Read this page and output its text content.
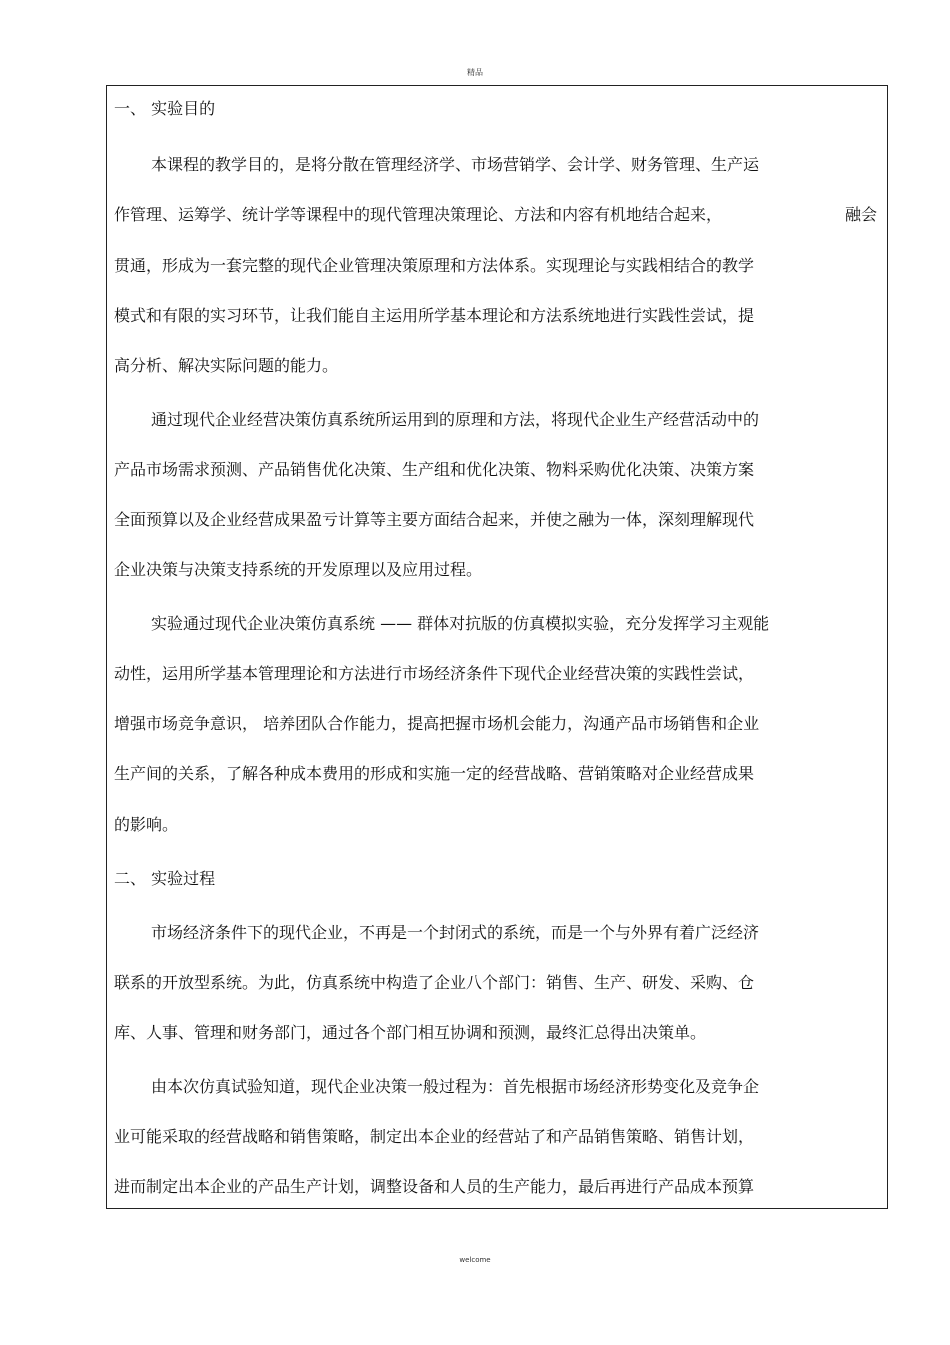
精品
一、 实验目的
本课程的教学目的，是将分散在管理经济学、市场营销学、会计学、财务管理、生产运
作管理、运筹学、统计学等课程中的现代管理决策理论、方法和内容有机地结合起来，	融会
贯通，形成为一套完整的现代企业管理决策原理和方法体系。实现理论与实践相结合的教学
模式和有限的实习环节，让我们能自主运用所学基本理论和方法系统地进行实践性尝试，提
高分析、解决实际问题的能力。
通过现代企业经营决策仿真系统所运用到的原理和方法，将现代企业生产经营活动中的
产品市场需求预测、产品销售优化决策、生产组和优化决策、物料采购优化决策、决策方案
全面预算以及企业经营成果盈亏计算等主要方面结合起来，并使之融为一体，深刻理解现代
企业决策与决策支持系统的开发原理以及应用过程。
实验通过现代企业决策仿真系统 —— 群体对抗版的仿真模拟实验，充分发挥学习主观能
动性，运用所学基本管理理论和方法进行市场经济条件下现代企业经营决策的实践性尝试，
增强市场竞争意识， 培养团队合作能力，提高把握市场机会能力，沟通产品市场销售和企业
生产间的关系，了解各种成本费用的形成和实施一定的经营战略、营销策略对企业经营成果
的影响。
二、 实验过程
市场经济条件下的现代企业，不再是一个封闭式的系统，而是一个与外界有着广泛经济
联系的开放型系统。为此，仿真系统中构造了企业八个部门：销售、生产、研发、采购、仓
库、人事、管理和财务部门，通过各个部门相互协调和预测，最终汇总得出决策单。
由本次仿真试验知道，现代企业决策一般过程为：首先根据市场经济形势变化及竞争企
业可能采取的经营战略和销售策略，制定出本企业的经营站了和产品销售策略、销售计划，
进而制定出本企业的产品生产计划，调整设备和人员的生产能力，最后再进行产品成本预算
welcome
